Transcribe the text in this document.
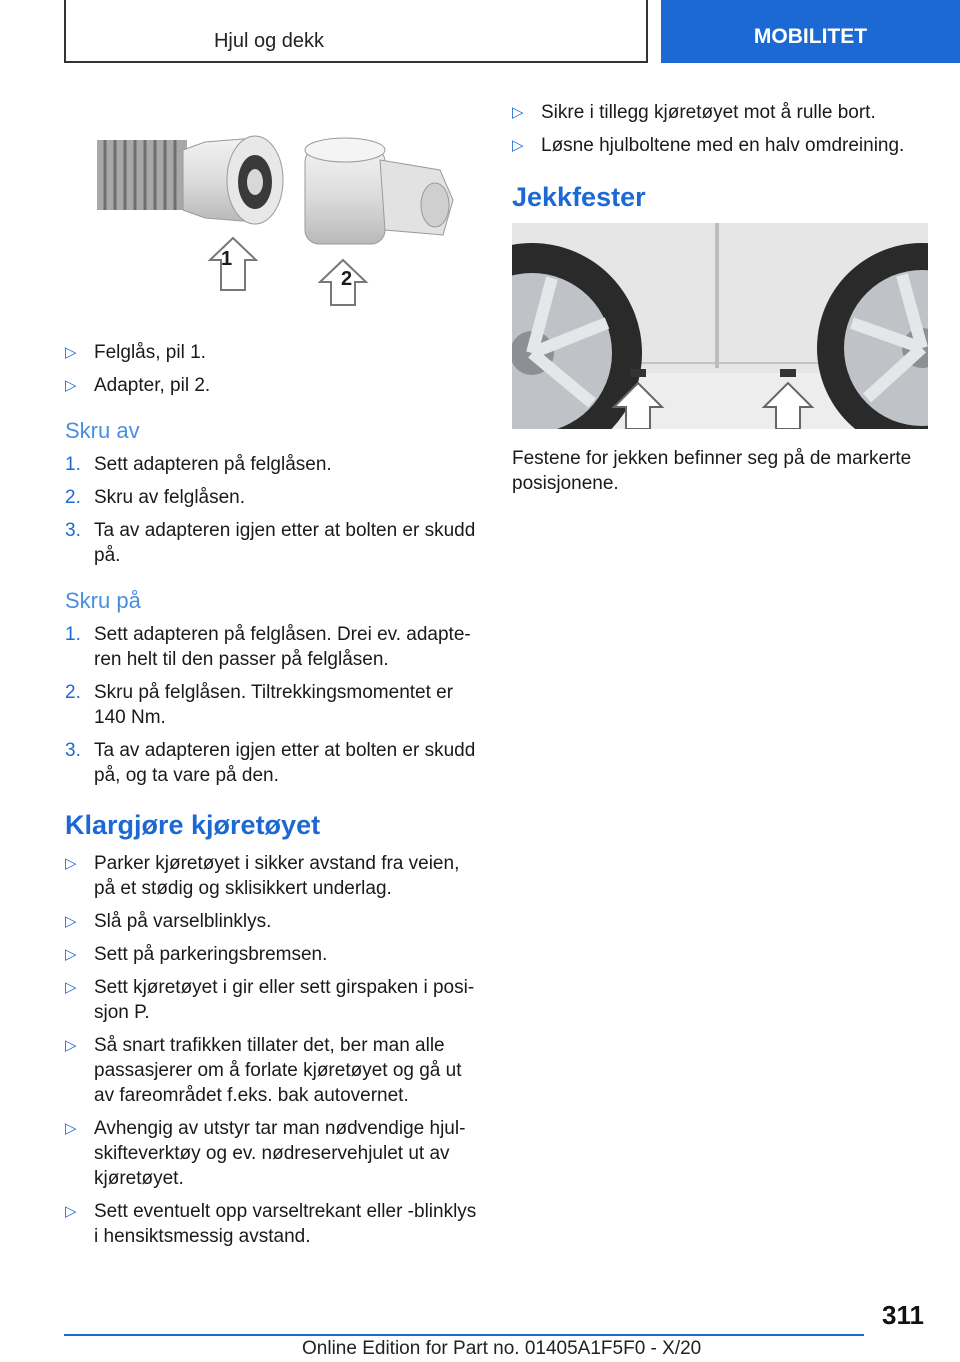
Hjul og dekk	MOBILITET
1
2
▷ Felglås, pil 1.
▷ Adapter, pil 2.
Skru av
1. Sett adapteren på felglåsen.
2. Skru av felglåsen.
3. Ta av adapteren igjen etter at bolten er skudd på.
Skru på
1. Sett adapteren på felglåsen. Drei ev. adapteren helt til den passer på felglåsen.
2. Skru på felglåsen. Tiltrekkingsmomentet er 140 Nm.
3. Ta av adapteren igjen etter at bolten er skudd på, og ta vare på den.
Klargjøre kjøretøyet
▷ Parker kjøretøyet i sikker avstand fra veien, på et stødig og sklisikkert underlag.
▷ Slå på varselblinklys.
▷ Sett på parkeringsbremsen.
▷ Sett kjøretøyet i gir eller sett girspaken i posisjon P.
▷ Så snart trafikken tillater det, ber man alle passasjerer om å forlate kjøretøyet og gå ut av fareområdet f.eks. bak autovernet.
▷ Avhengig av utstyr tar man nødvendige hjulskifteverktøy og ev. nødreservehjulet ut av kjøretøyet.
▷ Sett eventuelt opp varseltrekant eller -blinklys i hensiktsmessig avstand.
▷ Sikre i tillegg kjøretøyet mot å rulle bort.
▷ Løsne hjulboltene med en halv omdreining.
Jekkfester

Festene for jekken befinner seg på de markerte posisjonene.

311
Online Edition for Part no. 01405A1F5F0 - X/20
